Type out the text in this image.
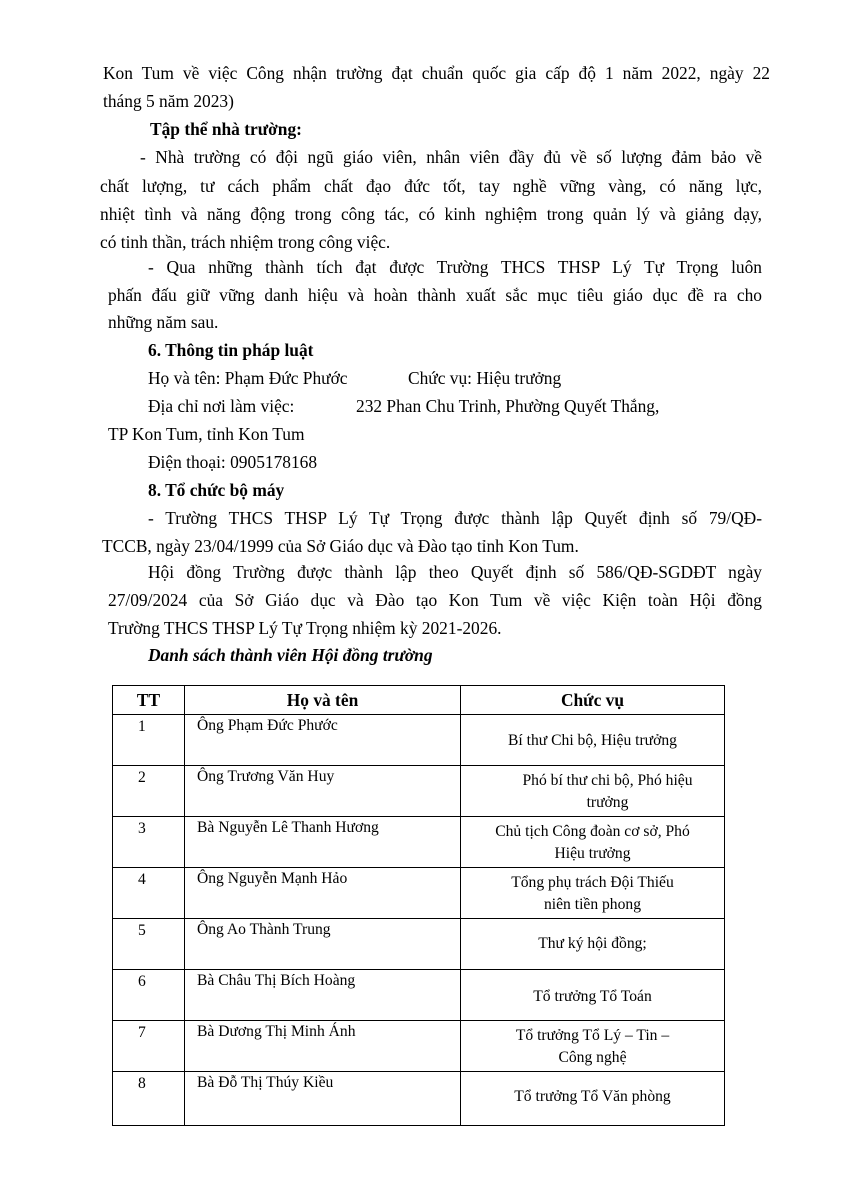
Kon Tum về việc Công nhận trường đạt chuẩn quốc gia cấp độ 1 năm 2022, ngày 22
tháng 5 năm 2023)
Tập thể nhà trường:
- Nhà trường có đội ngũ giáo viên, nhân viên đầy đủ về số lượng đảm bảo về
chất lượng, tư cách phẩm chất đạo đức tốt, tay nghề vững vàng, có năng lực,
nhiệt tình và năng động trong công tác, có kinh nghiệm trong quản lý và giảng dạy,
có tinh thần, trách nhiệm trong công việc.
- Qua những thành tích đạt được Trường THCS THSP Lý Tự Trọng luôn
phấn đấu giữ vững danh hiệu và hoàn thành xuất sắc mục tiêu giáo dục đề ra cho
những năm sau.
6. Thông tin pháp luật
Họ và tên: Phạm Đức Phước	Chức vụ: Hiệu trưởng
Địa chỉ nơi làm việc:	232 Phan Chu Trinh, Phường Quyết Thắng,
TP Kon Tum, tỉnh Kon Tum
Điện thoại: 0905178168
8. Tổ chức bộ máy
- Trường THCS THSP Lý Tự Trọng được thành lập Quyết định số 79/QĐ-
TCCB, ngày 23/04/1999 của Sở Giáo dục và Đào tạo tỉnh Kon Tum.
Hội đồng Trường được thành lập theo Quyết định số 586/QĐ-SGDĐT ngày
27/09/2024 của Sở Giáo dục và Đào tạo Kon Tum về việc Kiện toàn Hội đồng
Trường THCS THSP Lý Tự Trọng nhiệm kỳ 2021-2026.
Danh sách thành viên Hội đồng trường
TT	Họ và tên	Chức vụ
1	Ông Phạm Đức Phước	Bí thư Chi bộ, Hiệu trưởng
2	Ông Trương Văn Huy	Phó bí thư chi bộ, Phó hiệu trưởng
3	Bà Nguyễn Lê Thanh Hương	Chủ tịch Công đoàn cơ sở, Phó Hiệu trưởng
4	Ông Nguyễn Mạnh Hảo	Tổng phụ trách Đội Thiếu niên tiền phong
5	Ông Ao Thành Trung	Thư ký hội đồng;
6	Bà Châu Thị Bích Hoàng	Tổ trưởng Tổ Toán
7	Bà Dương Thị Minh Ánh	Tổ trưởng Tổ Lý – Tin – Công nghệ
8	Bà Đỗ Thị Thúy Kiều	Tổ trưởng Tổ Văn phòng
